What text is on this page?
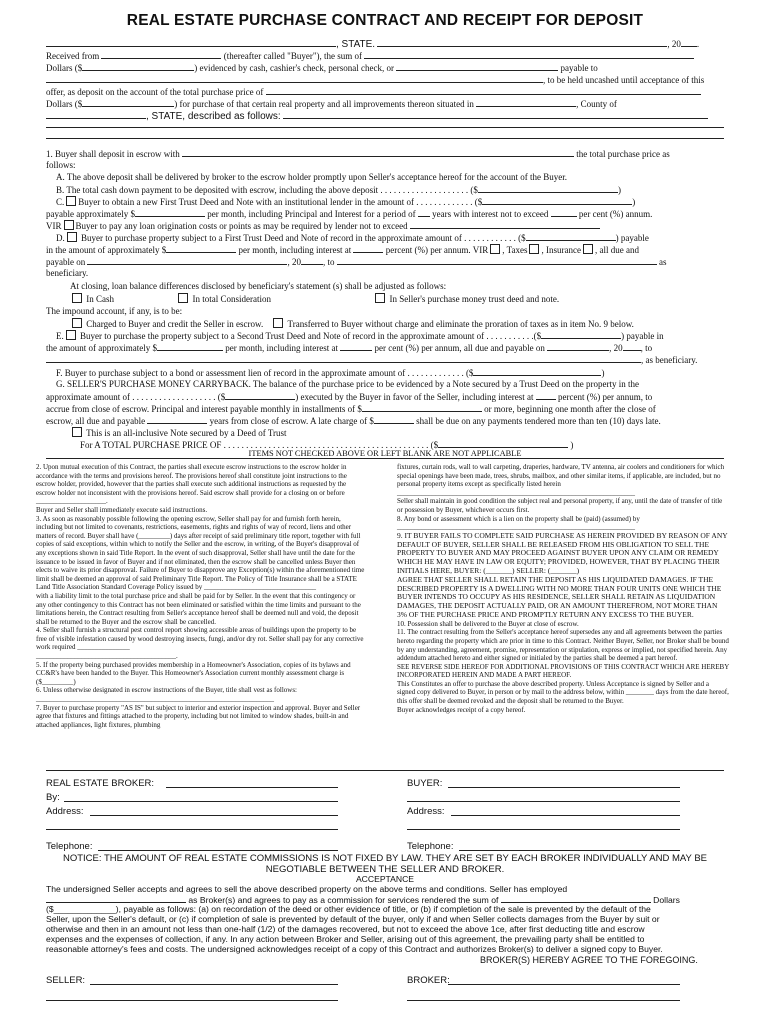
REAL ESTATE PURCHASE CONTRACT AND RECEIPT FOR DEPOSIT
, STATE.	, 20 .
Received from	(thereafter called "Buyer"), the sum of
Dollars ($	) evidenced by cash, cashier's check, personal check, or	payable to
, to be held uncashed until acceptance of this
offer, as deposit on the account of the total purchase price of
Dollars ($	) for purchase of that certain real property and all improvements thereon situated in	, County of
, STATE, described as follows:
1. Buyer shall deposit in escrow with	the total purchase price as
follows:
A. The above deposit shall be delivered by broker to the escrow holder promptly upon Seller's acceptance hereof for the account of the Buyer.
B. The total cash down payment to be deposited with escrow, including the above deposit . . . . . . . . . . . . . . . . . . . . ($	)
C. Buyer to obtain a new First Trust Deed and Note with an institutional lender in the amount of . . . . . . . . . . . . . ($	)
payable approximately $	per month, including Principal and Interest for a period of years with interest not to exceed	per cent (%) annum.
VIR Buyer to pay any loan origination costs or points as may be required by lender not to exceed
D. Buyer to purchase property subject to a First Trust Deed and Note of record in the approximate amount of . . . . . . . . . . . . ($	) payable
in the amount of approximately $	per month, including interest at	percent (%) per annum. VIR , Taxes , Insurance , all due and
payable on	, 20 , to	as
beneficiary.
At closing, loan balance differences disclosed by beneficiary's statement (s) shall be adjusted as follows:
In Cash	In total Consideration	In Seller's purchase money trust deed and note.
The impound account, if any, is to be:
Charged to Buyer and credit the Seller in escrow.	Transferred to Buyer without charge and eliminate the proration of taxes as in item No. 9 below.
E. Buyer to purchase the property subject to a Second Trust Deed and Note of record in the approximate amount of . . . . . . . . . . .($	) payable in
the amount of approximately $	per month, including interest at	per cent (%) per annum, all due and payable on	, 20 , to
, as beneficiary.
F. Buyer to purchase subject to a bond or assessment lien of record in the approximate amount of . . . . . . . . . . . . . ($	)
G. SELLER'S PURCHASE MONEY CARRYBACK. The balance of the purchase price to be evidenced by a Note secured by a Trust Deed on the property in the
approximate amount of . . . . . . . . . . . . . . . . . . . ($	) executed by the Buyer in favor of the Seller, including interest at	percent (%) per annum, to
accrue from close of escrow. Principal and interest payable monthly in installments of $	or more, beginning one month after the close of
escrow, all due and payable	years from close of escrow. A late charge of $	shall be due on any payments tendered more than ten (10) days late.
This is an all-inclusive Note secured by a Deed of Trust
For A TOTAL PURCHASE PRICE OF . . . . . . . . . . . . . . . . . . . . . . . . . . . . . . . . . . . . . . . . . . . . . . ($	)
ITEMS NOT CHECKED ABOVE OR LEFT BLANK ARE NOT APPLICABLE

2. Upon mutual execution of this Contract, the parties shall execute escrow instructions to the escrow holder in accordance with the terms and provisions hereof. The provisions hereof shall constitute joint instructions to the escrow holder, provided, however that the parties shall execute such additional instructions as requested by the escrow holder not inconsistent with the provisions hereof. Said escrow shall provide for a closing on or before ____________________.

Buyer and Seller shall immediately execute said instructions.

3. As soon as reasonably possible following the opening escrow, Seller shall pay for and furnish forth herein, including but not limited to covenants, restrictions, easements, rights and rights of way of record, liens and other matters of record. Buyer shall have (_________) days after receipt of said preliminary title report, together with full copies of said exceptions, within which to notify the Seller and the escrow, in writing, of the Buyer's disapproval of any exceptions shown in said Title Report. In the event of such disapproval, Seller shall have until the date for the issuance to be issued in favor of Buyer and if not eliminated, then the escrow shall be cancelled unless Buyer then elects to waive its prior disapproval. Failure of Buyer to disapprove any Exception(s) within the aforementioned time limit shall be deemed an approval of said Preliminary Title Report. The Policy of Title Insurance shall be a STATE Land Title Association Standard Coverage Policy issued by ________________________________

with a liability limit to the total purchase price and shall be paid for by Seller. In the event that this contingency or any other contingency to this Contract has not been eliminated or satisfied within the time limits and pursuant to the limitations herein, the Contract resulting from Seller's acceptance hereof shall be deemed null and void, the deposit shall be returned to the Buyer and the escrow shall be cancelled.

4. Seller shall furnish a structural pest control report showing accessible areas of buildings upon the property to be free of visible infestation caused by wood destroying insects, fungi, and/or dry rot. Seller shall pay for any corrective work required _______________

________________________________________.

5. If the property being purchased provides membership in a Homeowner's Association, copies of its bylaws and CC&R's have been handed to the Buyer. This Homeowner's Association current monthly assessment charge is ($_________)

6. Unless otherwise designated in escrow instructions of the Buyer, title shall vest as follows:

____________________________________________________________________

7. Buyer to purchase property "AS IS" but subject to interior and exterior inspection and approval. Buyer and Seller agree that fixtures and fittings attached to the property, including but not limited to window shades, built-in and attached appliances, light fixtures, plumbing

fixtures, curtain rods, wall to wall carpeting, draperies, hardware, TV antenna, air coolers and conditioners for which special openings have been made, trees, shrubs, mailbox, and other similar items, if applicable, are included, but no personal property items except as specifically listed herein

____________________________________________________________________

Seller shall maintain in good condition the subject real and personal property, if any, until the date of transfer of title or possession by Buyer, whichever occurs first.

8. Any bond or assessment which is a lien on the property shall be (paid) (assumed) by ____________________________________________________________________

9. IT BUYER FAILS TO COMPLETE SAID PURCHASE AS HEREIN PROVIDED BY REASON OF ANY DEFAULT OF BUYER, SELLER SHALL BE RELEASED FROM HIS OBLIGATION TO SELL THE PROPERTY TO BUYER AND MAY PROCEED AGAINST BUYER UPON ANY CLAIM OR REMEDY WHICH HE MAY HAVE IN LAW OR EQUITY; PROVIDED, HOWEVER, THAT BY PLACING THEIR INITIALS HERE, BUYER: (_______) SELLER: (_______)

AGREE THAT SELLER SHALL RETAIN THE DEPOSIT AS HIS LIQUIDATED DAMAGES. IF THE DESCRIBED PROPERTY IS A DWELLING WITH NO MORE THAN FOUR UNITS ONE WHICH THE BUYER INTENDS TO OCCUPY AS HIS RESIDENCE, SELLER SHALL RETAIN AS LIQUIDATION DAMAGES, THE DEPOSIT ACTUALLY PAID, OR AN AMOUNT THEREFROM, NOT MORE THAN 3% OF THE PURCHASE PRICE AND PROMPTLY RETURN ANY EXCESS TO THE BUYER.

10. Possession shall be delivered to the Buyer at close of escrow.

11. The contract resulting from the Seller's acceptance hereof supersedes any and all agreements between the parties hereto regarding the property which are prior in time to this Contract. Neither Buyer, Seller, nor Broker shall be bound by any understanding, agreement, promise, representation or stipulation, express or implied, not specified herein. Any addendum attached hereto and either signed or initialed by the parties shall be deemed a part hereof.

SEE REVERSE SIDE HEREOF FOR ADDITIONAL PROVISIONS OF THIS CONTRACT WHICH ARE HEREBY INCORPORATED HEREIN AND MADE A PART HEREOF.

This Constitutes an offer to purchase the above described property. Unless Acceptance is signed by Seller and a signed copy delivered to Buyer, in person or by mail to the address below, within ________ days from the date hereof, this offer shall be deemed revoked and the deposit shall be returned to the Buyer.

Buyer acknowledges receipt of a copy hereof.

REAL ESTATE BROKER:	BUYER:
By:
Address:	Address:
Telephone:	Telephone:
NOTICE: THE AMOUNT OF REAL ESTATE COMMISSIONS IS NOT FIXED BY LAW. THEY ARE SET BY EACH BROKER INDIVIDUALLY AND MAY BE NEGOTIABLE BETWEEN THE SELLER AND BROKER.
ACCEPTANCE
The undersigned Seller accepts and agrees to sell the above described property on the above terms and conditions. Seller has employed
as Broker(s) and agrees to pay as a commission for services rendered the sum of	Dollars
($_____________), payable as follows: (a) on recordation of the deed or other evidence of title, or (b) if completion of the sale is prevented by the default of the
Seller, upon the Seller's default, or (c) if completion of sale is prevented by default of the buyer, only if and when Seller collects damages from the Buyer by suit or
otherwise and then in an amount not less than one-half (1/2) of the damages recovered, but not to exceed the above 1ce, after first deducting title and escrow
expenses and the expenses of collection, if any. In any action between Broker and Seller, arising out of this agreement, the prevailing party shall be entitled to
reasonable attorney's fees and costs. The undersigned acknowledges receipt of a copy of this Contract and authorizes Broker(s) to deliver a signed copy to Buyer.
BROKER(S) HEREBY AGREE TO THE FOREGOING.
SELLER:	BROKER:
